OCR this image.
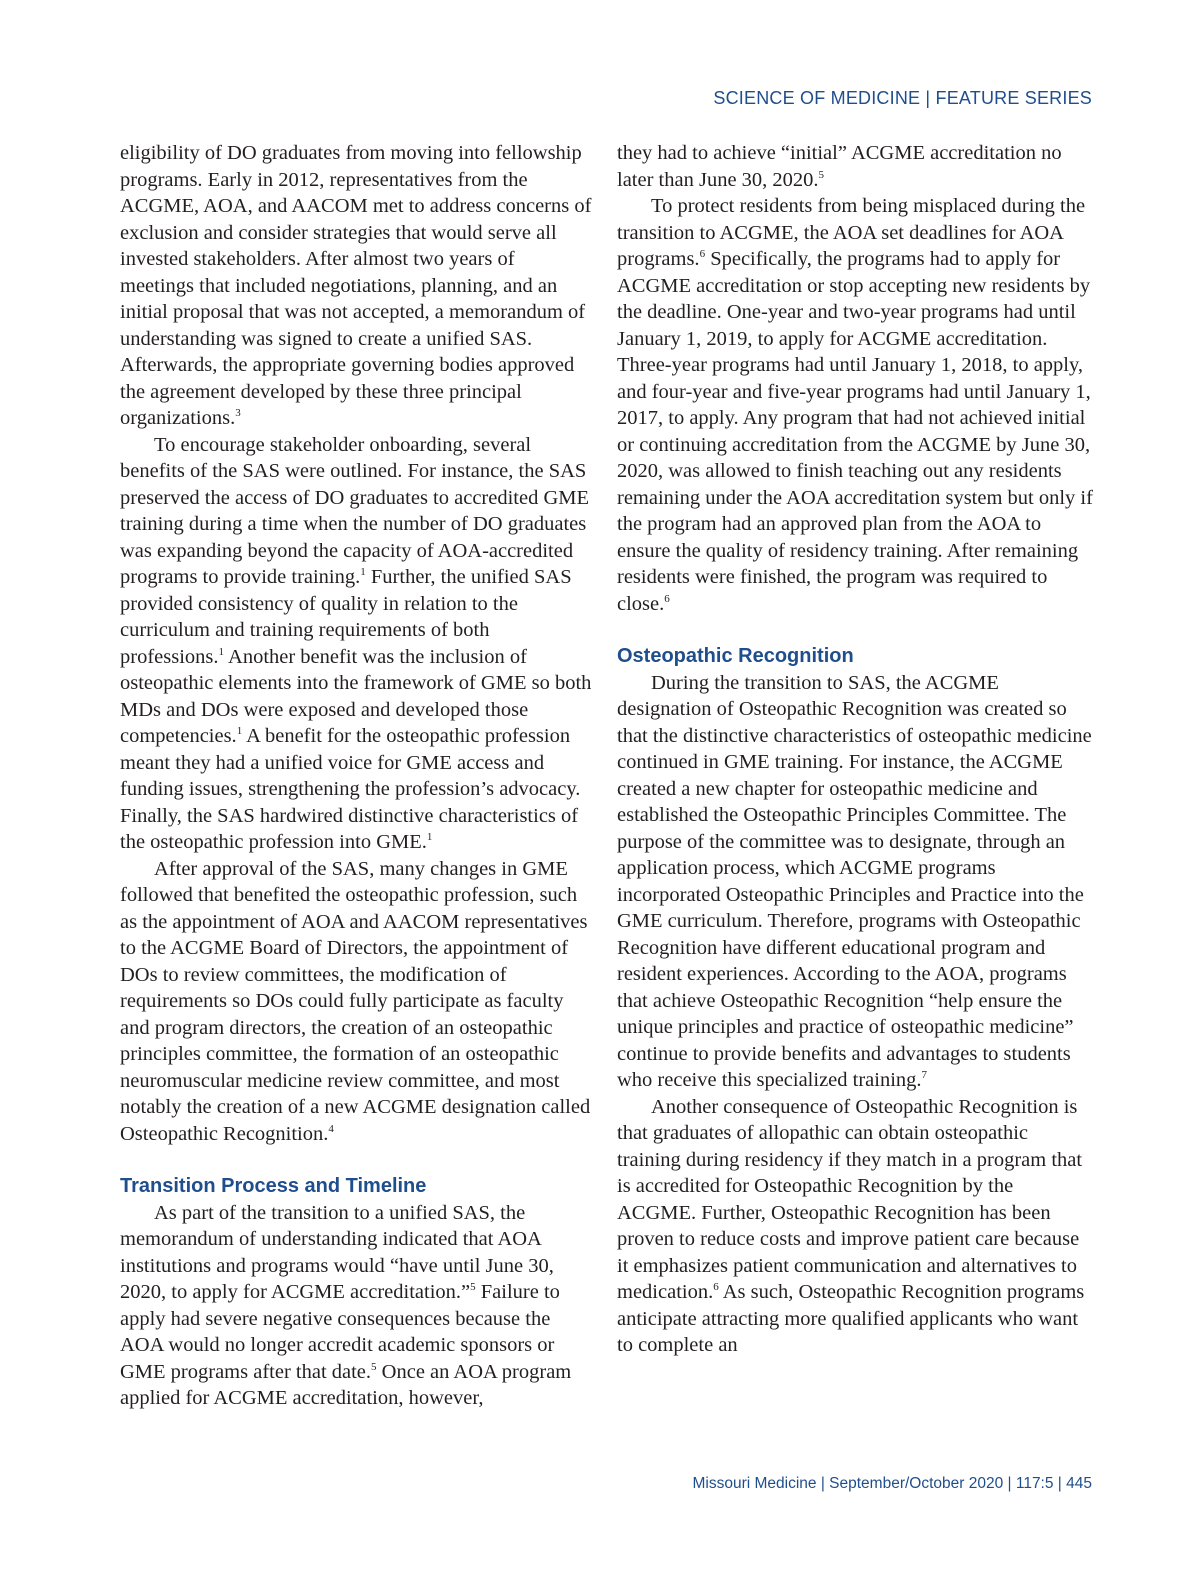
SCIENCE OF MEDICINE | FEATURE SERIES

eligibility of DO graduates from moving into fellowship programs. Early in 2012, representatives from the ACGME, AOA, and AACOM met to address concerns of exclusion and consider strategies that would serve all invested stakeholders. After almost two years of meetings that included negotiations, planning, and an initial proposal that was not accepted, a memorandum of understanding was signed to create a unified SAS. Afterwards, the appropriate governing bodies approved the agreement developed by these three principal organizations.$^3$

To encourage stakeholder onboarding, several benefits of the SAS were outlined. For instance, the SAS preserved the access of DO graduates to accredited GME training during a time when the number of DO graduates was expanding beyond the capacity of AOA-accredited programs to provide training.$^1$ Further, the unified SAS provided consistency of quality in relation to the curriculum and training requirements of both professions.$^1$ Another benefit was the inclusion of osteopathic elements into the framework of GME so both MDs and DOs were exposed and developed those competencies.$^1$ A benefit for the osteopathic profession meant they had a unified voice for GME access and funding issues, strengthening the profession’s advocacy. Finally, the SAS hardwired distinctive characteristics of the osteopathic profession into GME.$^1$

After approval of the SAS, many changes in GME followed that benefited the osteopathic profession, such as the appointment of AOA and AACOM representatives to the ACGME Board of Directors, the appointment of DOs to review committees, the modification of requirements so DOs could fully participate as faculty and program directors, the creation of an osteopathic principles committee, the formation of an osteopathic neuromuscular medicine review committee, and most notably the creation of a new ACGME designation called Osteopathic Recognition.$^4$

Transition Process and Timeline

As part of the transition to a unified SAS, the memorandum of understanding indicated that AOA institutions and programs would “have until June 30, 2020, to apply for ACGME accreditation.”$^5$ Failure to apply had severe negative consequences because the AOA would no longer accredit academic sponsors or GME programs after that date.$^5$ Once an AOA program applied for ACGME accreditation, however,

they had to achieve “initial” ACGME accreditation no later than June 30, 2020.$^5$

To protect residents from being misplaced during the transition to ACGME, the AOA set deadlines for AOA programs.$^6$ Specifically, the programs had to apply for ACGME accreditation or stop accepting new residents by the deadline. One-year and two-year programs had until January 1, 2019, to apply for ACGME accreditation. Three-year programs had until January 1, 2018, to apply, and four-year and five-year programs had until January 1, 2017, to apply. Any program that had not achieved initial or continuing accreditation from the ACGME by June 30, 2020, was allowed to finish teaching out any residents remaining under the AOA accreditation system but only if the program had an approved plan from the AOA to ensure the quality of residency training. After remaining residents were finished, the program was required to close.$^6$

Osteopathic Recognition

During the transition to SAS, the ACGME designation of Osteopathic Recognition was created so that the distinctive characteristics of osteopathic medicine continued in GME training. For instance, the ACGME created a new chapter for osteopathic medicine and established the Osteopathic Principles Committee. The purpose of the committee was to designate, through an application process, which ACGME programs incorporated Osteopathic Principles and Practice into the GME curriculum. Therefore, programs with Osteopathic Recognition have different educational program and resident experiences. According to the AOA, programs that achieve Osteopathic Recognition “help ensure the unique principles and practice of osteopathic medicine” continue to provide benefits and advantages to students who receive this specialized training.$^7$

Another consequence of Osteopathic Recognition is that graduates of allopathic can obtain osteopathic training during residency if they match in a program that is accredited for Osteopathic Recognition by the ACGME. Further, Osteopathic Recognition has been proven to reduce costs and improve patient care because it emphasizes patient communication and alternatives to medication.$^6$ As such, Osteopathic Recognition programs anticipate attracting more qualified applicants who want to complete an

Missouri Medicine | September/October 2020 | 117:5 | 445
